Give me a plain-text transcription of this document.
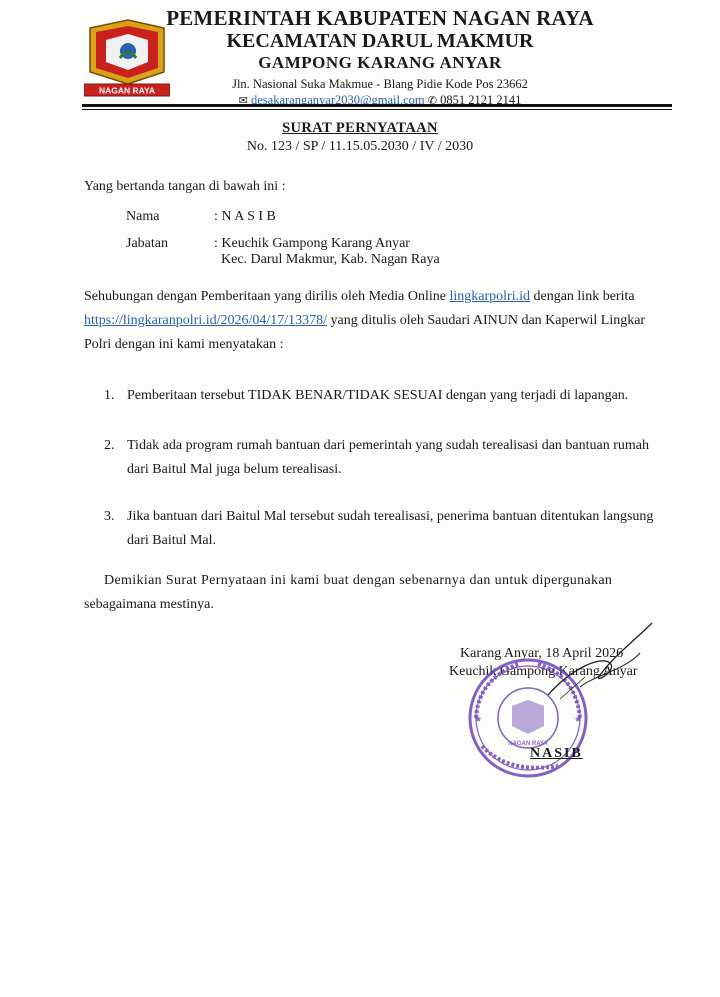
NAGAN RAYA
PEMERINTAH KABUPATEN NAGAN RAYA
KECAMATAN DARUL MAKMUR
GAMPONG KARANG ANYAR
Jln. Nasional Suka Makmue - Blang Pidie Kode Pos 23662
✉ desakaranganyar2030@gmail.com ✆ 0851 2121 2141
SURAT PERNYATAAN
No. 123 / SP / 11.15.05.2030 / IV / 2030
Yang bertanda tangan di bawah ini :
Nama	: N A S I B
Jabatan	: Keuchik Gampong Karang Anyar
Kec. Darul Makmur, Kab. Nagan Raya
Sehubungan dengan Pemberitaan yang dirilis oleh Media Online lingkarpolri.id dengan link berita
https://lingkaranpolri.id/2026/04/17/13378/ yang ditulis oleh Saudari AINUN dan Kaperwil Lingkar
Polri dengan ini kami menyatakan :
1. Pemberitaan tersebut TIDAK BENAR/TIDAK SESUAI dengan yang terjadi di lapangan.
2. Tidak ada program rumah bantuan dari pemerintah yang sudah terealisasi dan bantuan rumah
dari Baitul Mal juga belum terealisasi.
3. Jika bantuan dari Baitul Mal tersebut sudah terealisasi, penerima bantuan ditentukan langsung
dari Baitul Mal.
Demikian Surat Pernyataan ini kami buat dengan sebenarnya dan untuk dipergunakan
sebagaimana mestinya.
Karang Anyar, 18 April 2026
Keuchik Gampong Karang Anyar
NAGAN RAYA
★	★
NASIB
